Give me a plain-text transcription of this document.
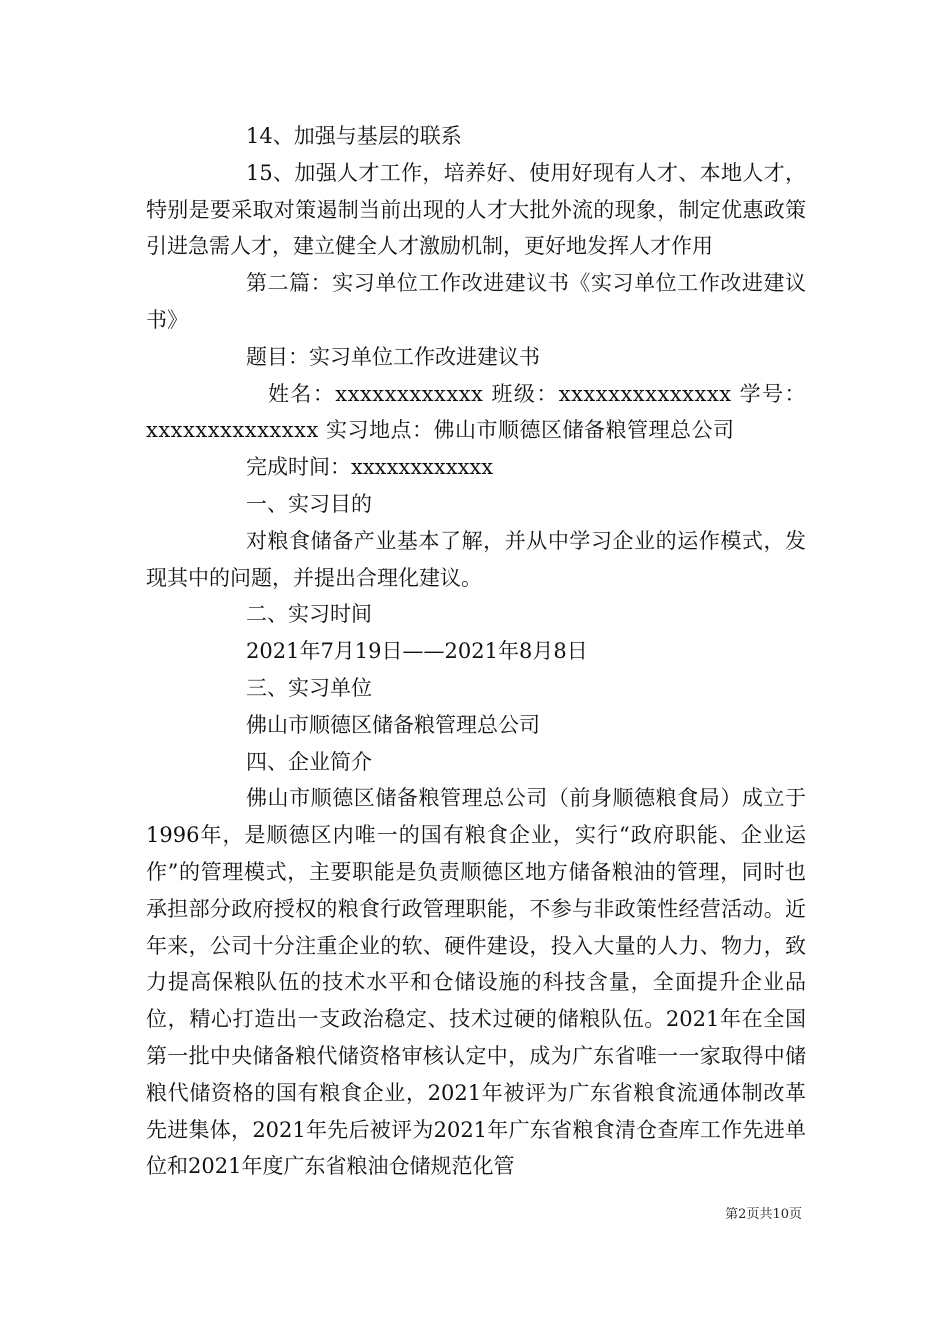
14、加强与基层的联系

15、加强人才工作，培养好、使用好现有人才、本地人才，特别是要采取对策遏制当前出现的人才大批外流的现象，制定优惠政策引进急需人才，建立健全人才激励机制，更好地发挥人才作用

第二篇：实习单位工作改进建议书《实习单位工作改进建议书》

题目：实习单位工作改进建议书

姓名：xxxxxxxxxxxx 班级：xxxxxxxxxxxxxx 学号：xxxxxxxxxxxxxx 实习地点：佛山市顺德区储备粮管理总公司

完成时间：xxxxxxxxxxxx

一、实习目的

对粮食储备产业基本了解，并从中学习企业的运作模式，发现其中的问题，并提出合理化建议。

二、实习时间

2021年7月19日——2021年8月8日

三、实习单位

佛山市顺德区储备粮管理总公司

四、企业简介

佛山市顺德区储备粮管理总公司（前身顺德粮食局）成立于1996年，是顺德区内唯一的国有粮食企业，实行“政府职能、企业运作”的管理模式，主要职能是负责顺德区地方储备粮油的管理，同时也承担部分政府授权的粮食行政管理职能，不参与非政策性经营活动。近年来，公司十分注重企业的软、硬件建设，投入大量的人力、物力，致力提高保粮队伍的技术水平和仓储设施的科技含量，全面提升企业品位，精心打造出一支政治稳定、技术过硬的储粮队伍。2021年在全国第一批中央储备粮代储资格审核认定中，成为广东省唯一一家取得中储粮代储资格的国有粮食企业，2021年被评为广东省粮食流通体制改革先进集体，2021年先后被评为2021年广东省粮食清仓查库工作先进单位和2021年度广东省粮油仓储规范化管

第2页共10页
